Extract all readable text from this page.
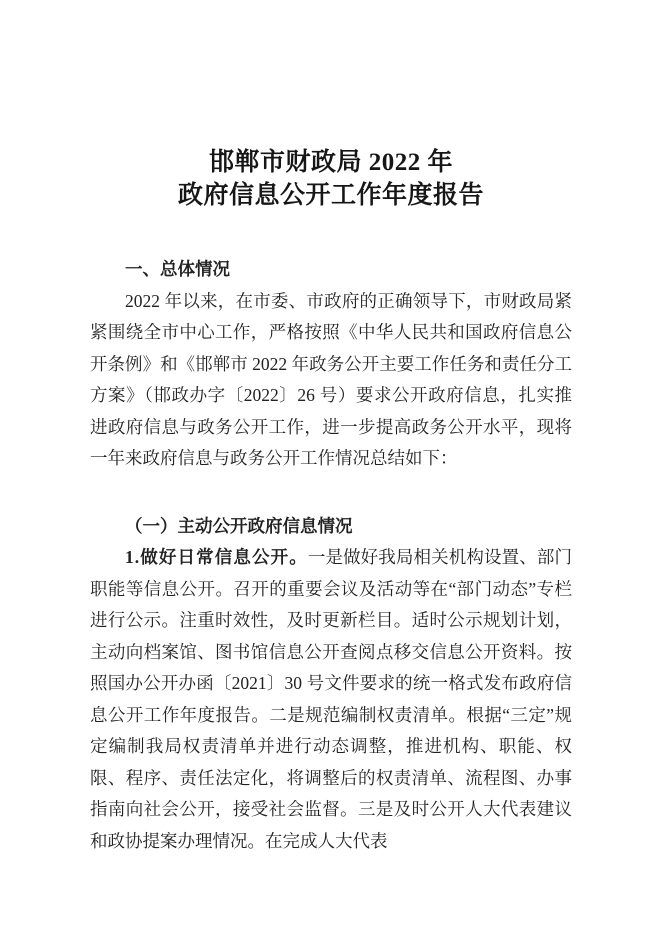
邯郸市财政局 2022 年
政府信息公开工作年度报告
一、总体情况

2022 年以来，在市委、市政府的正确领导下，市财政局紧紧围绕全市中心工作，严格按照《中华人民共和国政府信息公开条例》和《邯郸市 2022 年政务公开主要工作任务和责任分工方案》（邯政办字〔2022〕26 号）要求公开政府信息，扎实推进政府信息与政务公开工作，进一步提高政务公开水平，现将一年来政府信息与政务公开工作情况总结如下：

（一）主动公开政府信息情况

1.做好日常信息公开。一是做好我局相关机构设置、部门职能等信息公开。召开的重要会议及活动等在“部门动态”专栏进行公示。注重时效性，及时更新栏目。适时公示规划计划，主动向档案馆、图书馆信息公开查阅点移交信息公开资料。按照国办公开办函〔2021〕30 号文件要求的统一格式发布政府信息公开工作年度报告。二是规范编制权责清单。根据“三定”规定编制我局权责清单并进行动态调整，推进机构、职能、权限、程序、责任法定化，将调整后的权责清单、流程图、办事指南向社会公开，接受社会监督。三是及时公开人大代表建议和政协提案办理情况。在完成人大代表
